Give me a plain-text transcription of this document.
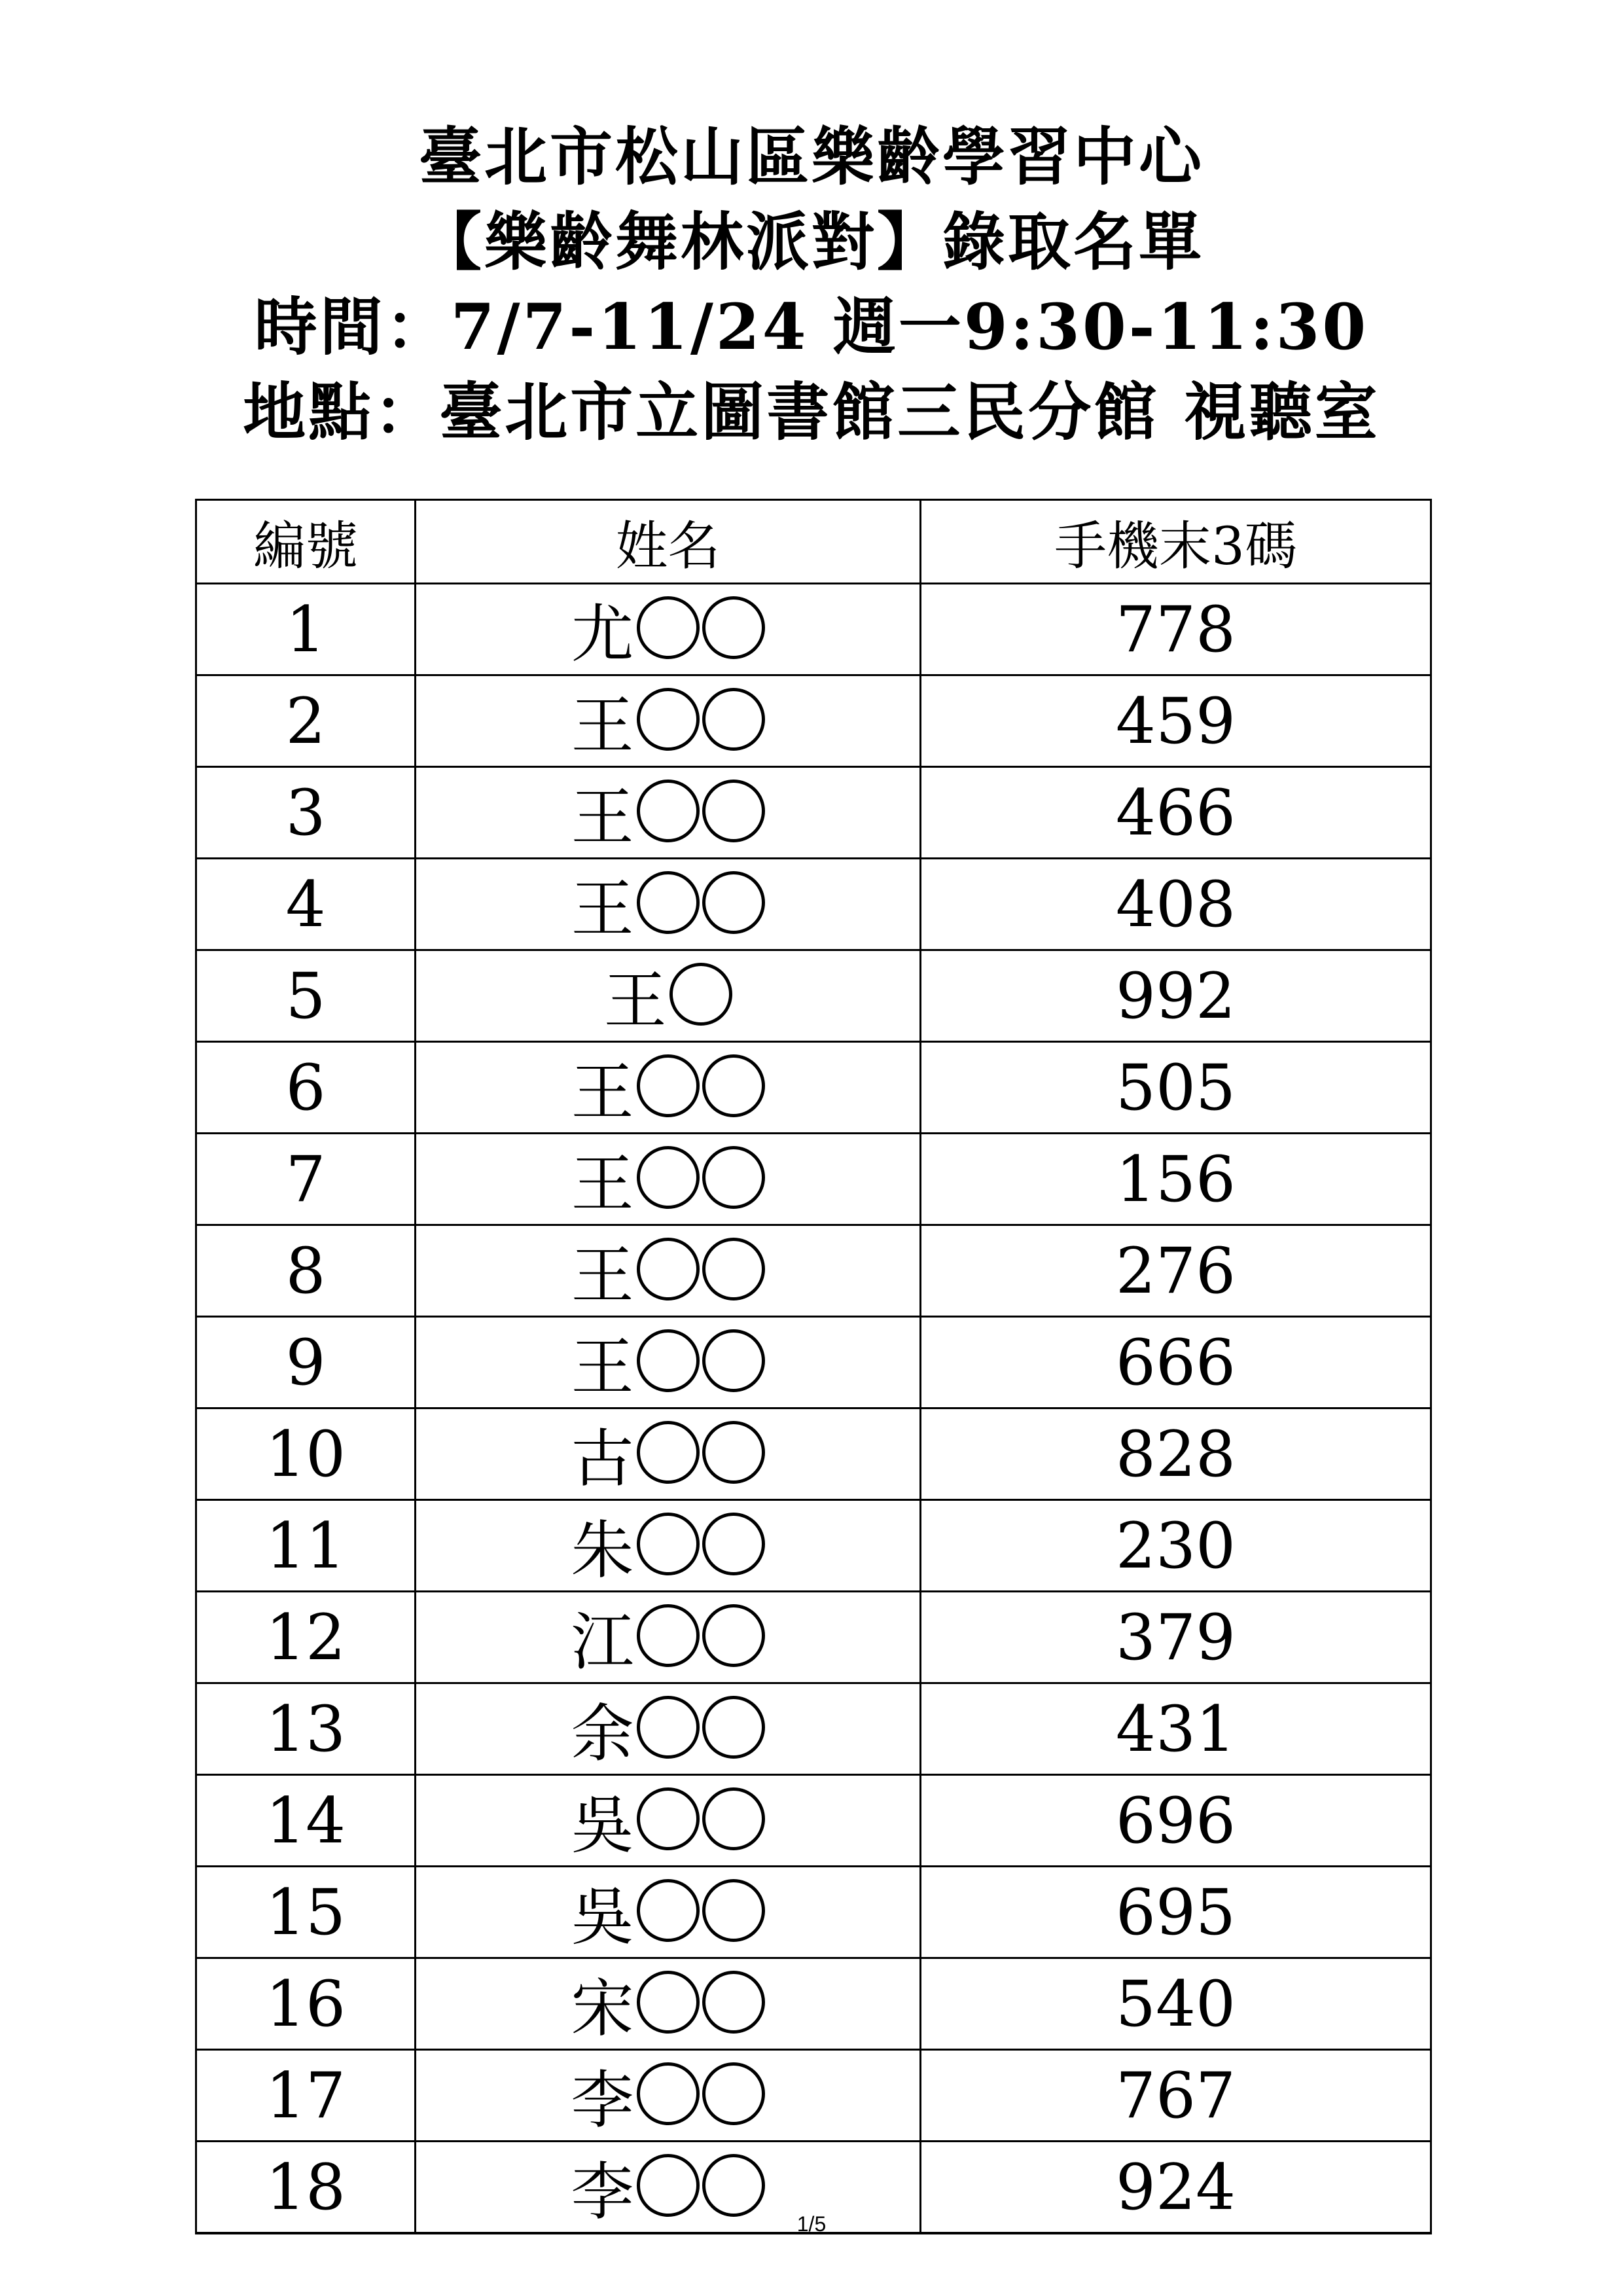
臺北市松山區樂齡學習中心
【樂齡舞林派對】錄取名單
時間：7/7-11/24 週一9:30-11:30
地點：臺北市立圖書館三民分館 視聽室
編號	姓名	手機末3碼
1	尤	778
2	王	459
3	王	466
4	王	408
5	王	992
6	王	505
7	王	156
8	王	276
9	王	666
10	古	828
11	朱	230
12	江	379
13	余	431
14	吳	696
15	吳	695
16	宋	540
17	李	767
18	李	924
1/5
